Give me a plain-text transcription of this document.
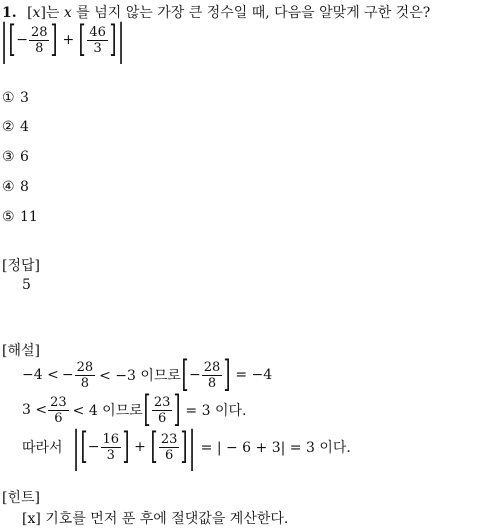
1. [x]는 x 를 넘지 않는 가장 큰 정수일 때, 다음을 알맞게 구한 것은?
| [ − $\frac{28}{8}$ ] + [ $\frac{46}{3}$ ] |
① 3
② 4
③ 6
④ 8
⑤ 11
[정답]
5
[해설]
−4 < − $\frac{28}{8} < -3$ 이므로 [ − $\frac{28}{8}$ ] = −4
$3 < \frac{23}{6} < 4$ 이므로 [ $\frac{23}{6}$ ] = 3 이다.
따라서 | [ − $\frac{16}{3}$ ] + [ $\frac{23}{6}$ ] | = | − 6 + 3| = 3 이다.
[힌트]
[x] 기호를 먼저 푼 후에 절댓값을 계산한다.
